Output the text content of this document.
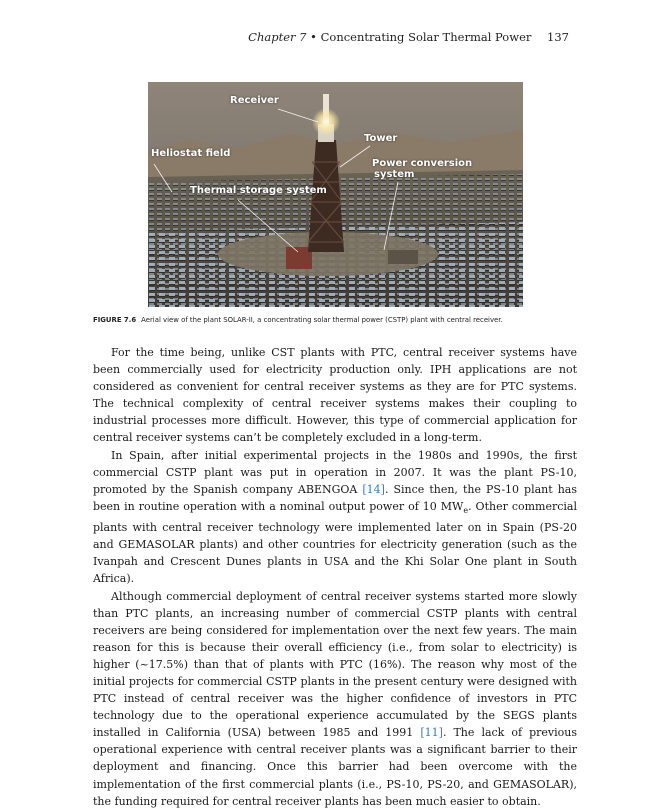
Chapter 7 • Concentrating Solar Thermal Power 137
Receiver
Tower
Heliostat field
Power conversion
system
Thermal storage system
FIGURE 7.6 Aerial view of the plant SOLAR-II, a concentrating solar thermal power (CSTP) plant with central receiver.

For the time being, unlike CST plants with PTC, central receiver systems have been commercially used for electricity production only. IPH applications are not considered as convenient for central receiver systems as they are for PTC systems. The technical complexity of central receiver systems makes their coupling to industrial processes more difficult. However, this type of commercial application for central receiver systems can’t be completely excluded in a long-term.

In Spain, after initial experimental projects in the 1980s and 1990s, the first commercial CSTP plant was put in operation in 2007. It was the plant PS-10, promoted by the Spanish company ABENGOA [14]. Since then, the PS-10 plant has been in routine operation with a nominal output power of 10 $MW_e$. Other commercial plants with central receiver technology were implemented later on in Spain (PS-20 and GEMASOLAR plants) and other countries for electricity generation (such as the Ivanpah and Crescent Dunes plants in USA and the Khi Solar One plant in South Africa).

Although commercial deployment of central receiver systems started more slowly than PTC plants, an increasing number of commercial CSTP plants with central receivers are being considered for implementation over the next few years. The main reason for this is because their overall efficiency (i.e., from solar to electricity) is higher (~17.5%) than that of plants with PTC (16%). The reason why most of the initial projects for commercial CSTP plants in the present century were designed with PTC instead of central receiver was the higher confidence of investors in PTC technology due to the operational experience accumulated by the SEGS plants installed in California (USA) between 1985 and 1991 [11]. The lack of previous operational experience with central receiver plants was a significant barrier to their deployment and financing. Once this barrier had been overcome with the implementation of the first commercial plants (i.e., PS-10, PS-20, and GEMASOLAR), the funding required for central receiver plants has been much easier to obtain.
